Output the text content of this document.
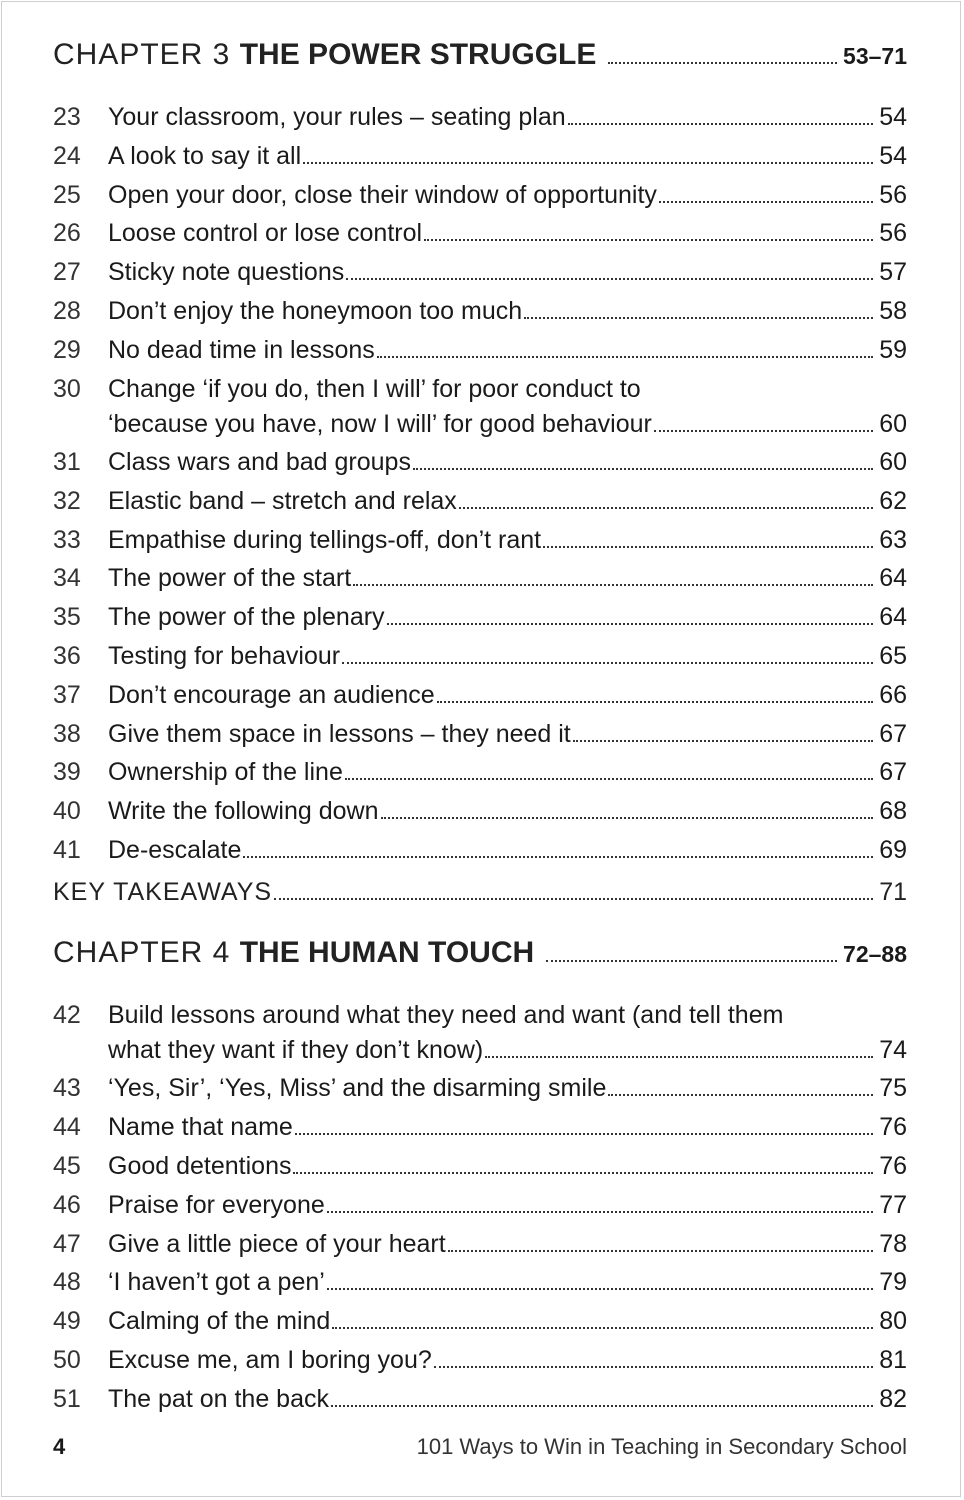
CHAPTER 3 THE POWER STRUGGLE	53–71
23	Your classroom, your rules – seating plan	54
24	A look to say it all	54
25	Open your door, close their window of opportunity	56
26	Loose control or lose control	56
27	Sticky note questions	57
28	Don’t enjoy the honeymoon too much	58
29	No dead time in lessons	59
30	Change ‘if you do, then I will’ for poor conduct to
‘because you have, now I will’ for good behaviour	60
31	Class wars and bad groups	60
32	Elastic band – stretch and relax	62
33	Empathise during tellings-off, don’t rant	63
34	The power of the start	64
35	The power of the plenary	64
36	Testing for behaviour	65
37	Don’t encourage an audience	66
38	Give them space in lessons – they need it	67
39	Ownership of the line	67
40	Write the following down	68
41	De-escalate	69
KEY TAKEAWAYS	71
CHAPTER 4 THE HUMAN TOUCH	72–88
42	Build lessons around what they need and want (and tell them
what they want if they don’t know)	74
43	‘Yes, Sir’, ‘Yes, Miss’ and the disarming smile	75
44	Name that name	76
45	Good detentions	76
46	Praise for everyone	77
47	Give a little piece of your heart	78
48	‘I haven’t got a pen’	79
49	Calming of the mind	80
50	Excuse me, am I boring you?	81
51	The pat on the back	82
4	101 Ways to Win in Teaching in Secondary School
